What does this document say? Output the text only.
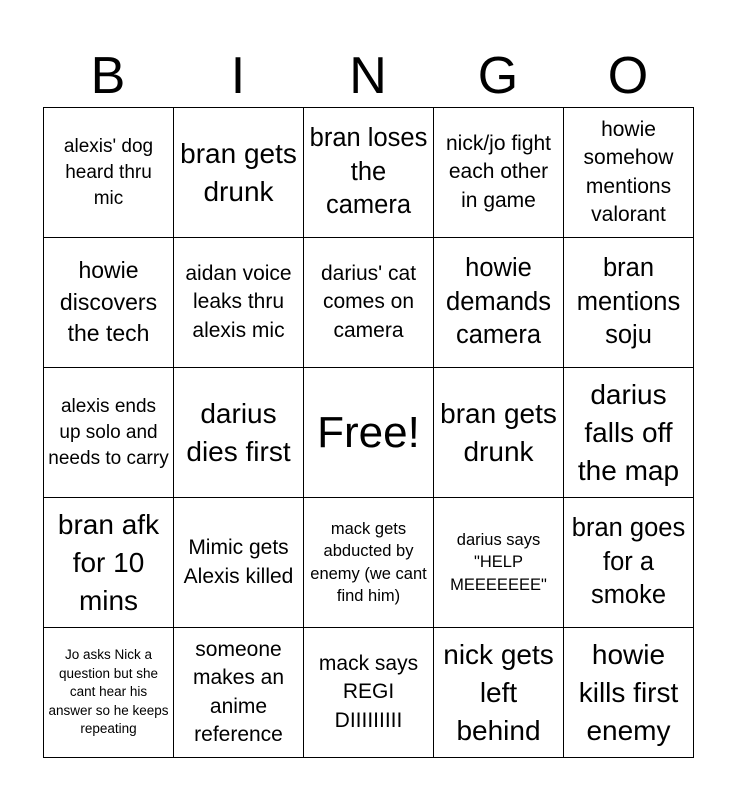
B	I	N	G	O
alexis' dog heard thru mic	bran gets drunk	bran loses the camera	nick/jo fight each other in game	howie somehow mentions valorant

howie discovers the tech	aidan voice leaks thru alexis mic	darius' cat comes on camera	howie demands camera	bran mentions soju

alexis ends up solo and needs to carry	darius dies first	Free!	bran gets drunk	darius falls off the map

bran afk for 10 mins	Mimic gets Alexis killed	mack gets abducted by enemy (we cant find him)	darius says "HELP MEEEEEEE"	bran goes for a smoke

Jo asks Nick a question but she cant hear his answer so he keeps repeating	someone makes an anime reference	mack says REGI DIIIIIIIII	nick gets left behind	howie kills first enemy
